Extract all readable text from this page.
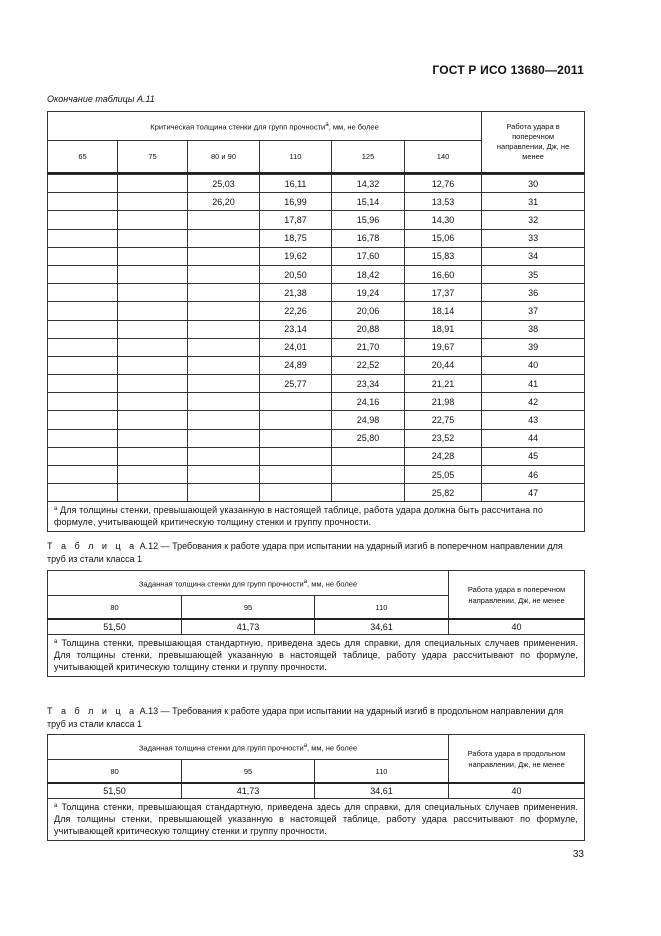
ГОСТ Р ИСО 13680—2011
Окончание таблицы А.11
Критическая толщина стенки для групп прочности$^а$, мм, не более						Работа удара в поперечном направлении, Дж, не менее
65	75	80 и 90	110	125	140	

		25,03	16,11	14,32	12,76	30
		26,20	16,99	15,14	13,53	31
			17,87	15,96	14,30	32
			18,75	16,78	15,06	33
			19,62	17,60	15,83	34
			20,50	18,42	16,60	35
			21,38	19,24	17,37	36
			22,26	20,06	18,14	37
			23,14	20,88	18,91	38
			24,01	21,70	19,67	39
			24,89	22,52	20,44	40
			25,77	23,34	21,21	41
				24,16	21,98	42
				24,98	22,75	43
				25,80	23,52	44
					24,28	45
					25,05	46
					25,82	47
$^а$ Для толщины стенки, превышающей указанную в настоящей таблице, работа удара должна быть рассчитана по формуле, учитывающей критическую толщину стенки и группу прочности.						
Т а б л и ц а А.12 — Требования к работе удара при испытании на ударный изгиб в поперечном направлении для труб из стали класса 1
Заданная толщина стенки для групп прочности$^а$, мм, не более			Работа удара в поперечном направлении, Дж, не менее
80	95	110	
51,50	41,73	34,61	40
$^а$ Толщина стенки, превышающая стандартную, приведена здесь для справки, для специальных случаев применения. Для толщины стенки, превышающей указанную в настоящей таблице, работу удара рассчитывают по формуле, учитывающей критическую толщину стенки и группу прочности.			
Т а б л и ц а А.13 — Требования к работе удара при испытании на ударный изгиб в продольном направлении для труб из стали класса 1
Заданная толщина стенки для групп прочности$^а$, мм, не более			Работа удара в продольном направлении, Дж, не менее
80	95	110	
51,50	41,73	34,61	40
$^а$ Толщина стенки, превышающая стандартную, приведена здесь для справки, для специальных случаев применения. Для толщины стенки, превышающей указанную в настоящей таблице, работу удара рассчитывают по формуле, учитывающей критическую толщину стенки и группу прочности.			
33
